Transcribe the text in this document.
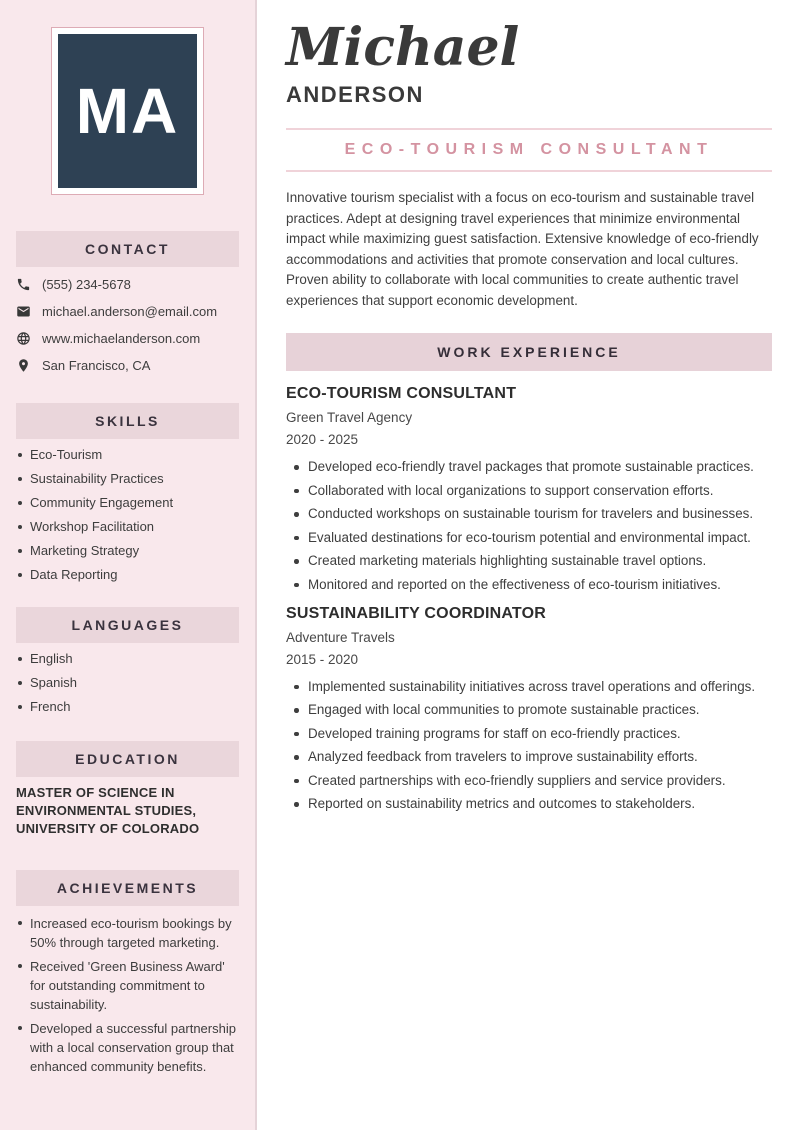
MA
CONTACT
(555) 234-5678
michael.anderson@email.com
www.michaelanderson.com
San Francisco, CA
SKILLS
Eco-Tourism
Sustainability Practices
Community Engagement
Workshop Facilitation
Marketing Strategy
Data Reporting
LANGUAGES
English
Spanish
French
EDUCATION

MASTER OF SCIENCE IN ENVIRONMENTAL STUDIES, UNIVERSITY OF COLORADO

ACHIEVEMENTS
Increased eco-tourism bookings by 50% through targeted marketing.
Received 'Green Business Award' for outstanding commitment to sustainability.
Developed a successful partnership with a local conservation group that enhanced community benefits.
Michael
ANDERSON
ECO-TOURISM CONSULTANT

Innovative tourism specialist with a focus on eco-tourism and sustainable travel practices. Adept at designing travel experiences that minimize environmental impact while maximizing guest satisfaction. Extensive knowledge of eco-friendly accommodations and activities that promote conservation and local cultures. Proven ability to collaborate with local communities to create authentic travel experiences that support economic development.

WORK EXPERIENCE
ECO-TOURISM CONSULTANT

Green Travel Agency

2020 - 2025

Developed eco-friendly travel packages that promote sustainable practices.
Collaborated with local organizations to support conservation efforts.
Conducted workshops on sustainable tourism for travelers and businesses.
Evaluated destinations for eco-tourism potential and environmental impact.
Created marketing materials highlighting sustainable travel options.
Monitored and reported on the effectiveness of eco-tourism initiatives.
SUSTAINABILITY COORDINATOR

Adventure Travels

2015 - 2020

Implemented sustainability initiatives across travel operations and offerings.
Engaged with local communities to promote sustainable practices.
Developed training programs for staff on eco-friendly practices.
Analyzed feedback from travelers to improve sustainability efforts.
Created partnerships with eco-friendly suppliers and service providers.
Reported on sustainability metrics and outcomes to stakeholders.
